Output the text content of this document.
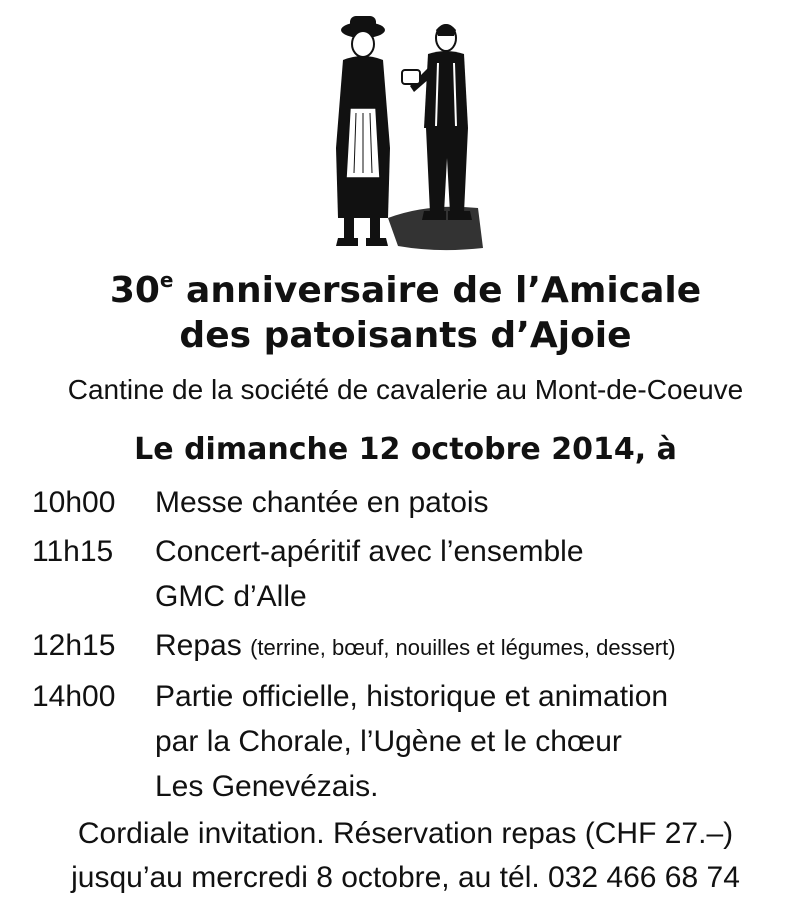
30e anniversaire de l’Amicale
des patoisants d’Ajoie
Cantine de la société de cavalerie au Mont-de-Coeuve
Le dimanche 12 octobre 2014, à
10h00	Messe chantée en patois
11h15	Concert-apéritif avec l’ensemble
GMC d’Alle
12h15	Repas (terrine, bœuf, nouilles et légumes, dessert)
14h00	Partie officielle, historique et animation
par la Chorale, l’Ugène et le chœur
Les Genevézais.
Cordiale invitation. Réservation repas (CHF 27.–)
jusqu’au mercredi 8 octobre, au tél. 032 466 68 74
